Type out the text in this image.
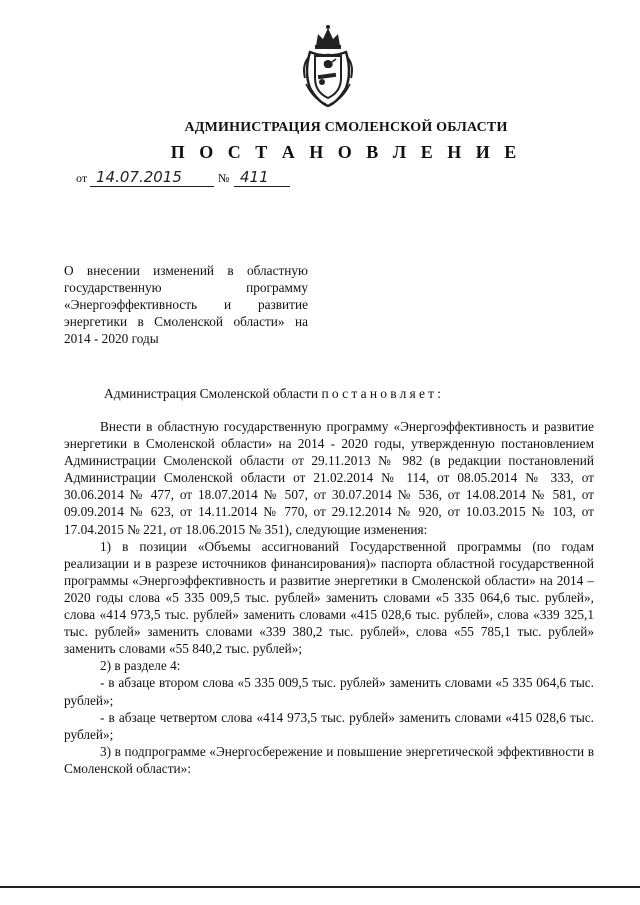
АДМИНИСТРАЦИЯ СМОЛЕНСКОЙ ОБЛАСТИ
П О С Т А Н О В Л Е Н И Е
от 14.07.2015	№ 411

О внесении изменений в областную государственную программу «Энергоэффективность и развитие энергетики в Смоленской области» на 2014 - 2020 годы

Администрация Смоленской области постановляет:

Внести в областную государственную программу «Энергоэффективность и развитие энергетики в Смоленской области» на 2014 - 2020 годы, утвержденную постановлением Администрации Смоленской области от 29.11.2013 № 982 (в редакции постановлений Администрации Смоленской области от 21.02.2014 № 114, от 08.05.2014 № 333, от 30.06.2014 № 477, от 18.07.2014 № 507, от 30.07.2014 № 536, от 14.08.2014 № 581, от 09.09.2014 № 623, от 14.11.2014 № 770, от 29.12.2014 № 920, от 10.03.2015 № 103, от 17.04.2015 № 221, от 18.06.2015 № 351), следующие изменения:

1) в позиции «Объемы ассигнований Государственной программы (по годам реализации и в разрезе источников финансирования)» паспорта областной государственной программы «Энергоэффективность и развитие энергетики в Смоленской области» на 2014 – 2020 годы слова «5 335 009,5 тыс. рублей» заменить словами «5 335 064,6 тыс. рублей», слова «414 973,5 тыс. рублей» заменить словами «415 028,6 тыс. рублей», слова «339 325,1 тыс. рублей» заменить словами «339 380,2 тыс. рублей», слова «55 785,1 тыс. рублей» заменить словами «55 840,2 тыс. рублей»;

2) в разделе 4:

- в абзаце втором слова «5 335 009,5 тыс. рублей» заменить словами «5 335 064,6 тыс. рублей»;

- в абзаце четвертом слова «414 973,5 тыс. рублей» заменить словами «415 028,6 тыс. рублей»;

3) в подпрограмме «Энергосбережение и повышение энергетической эффективности в Смоленской области»:
